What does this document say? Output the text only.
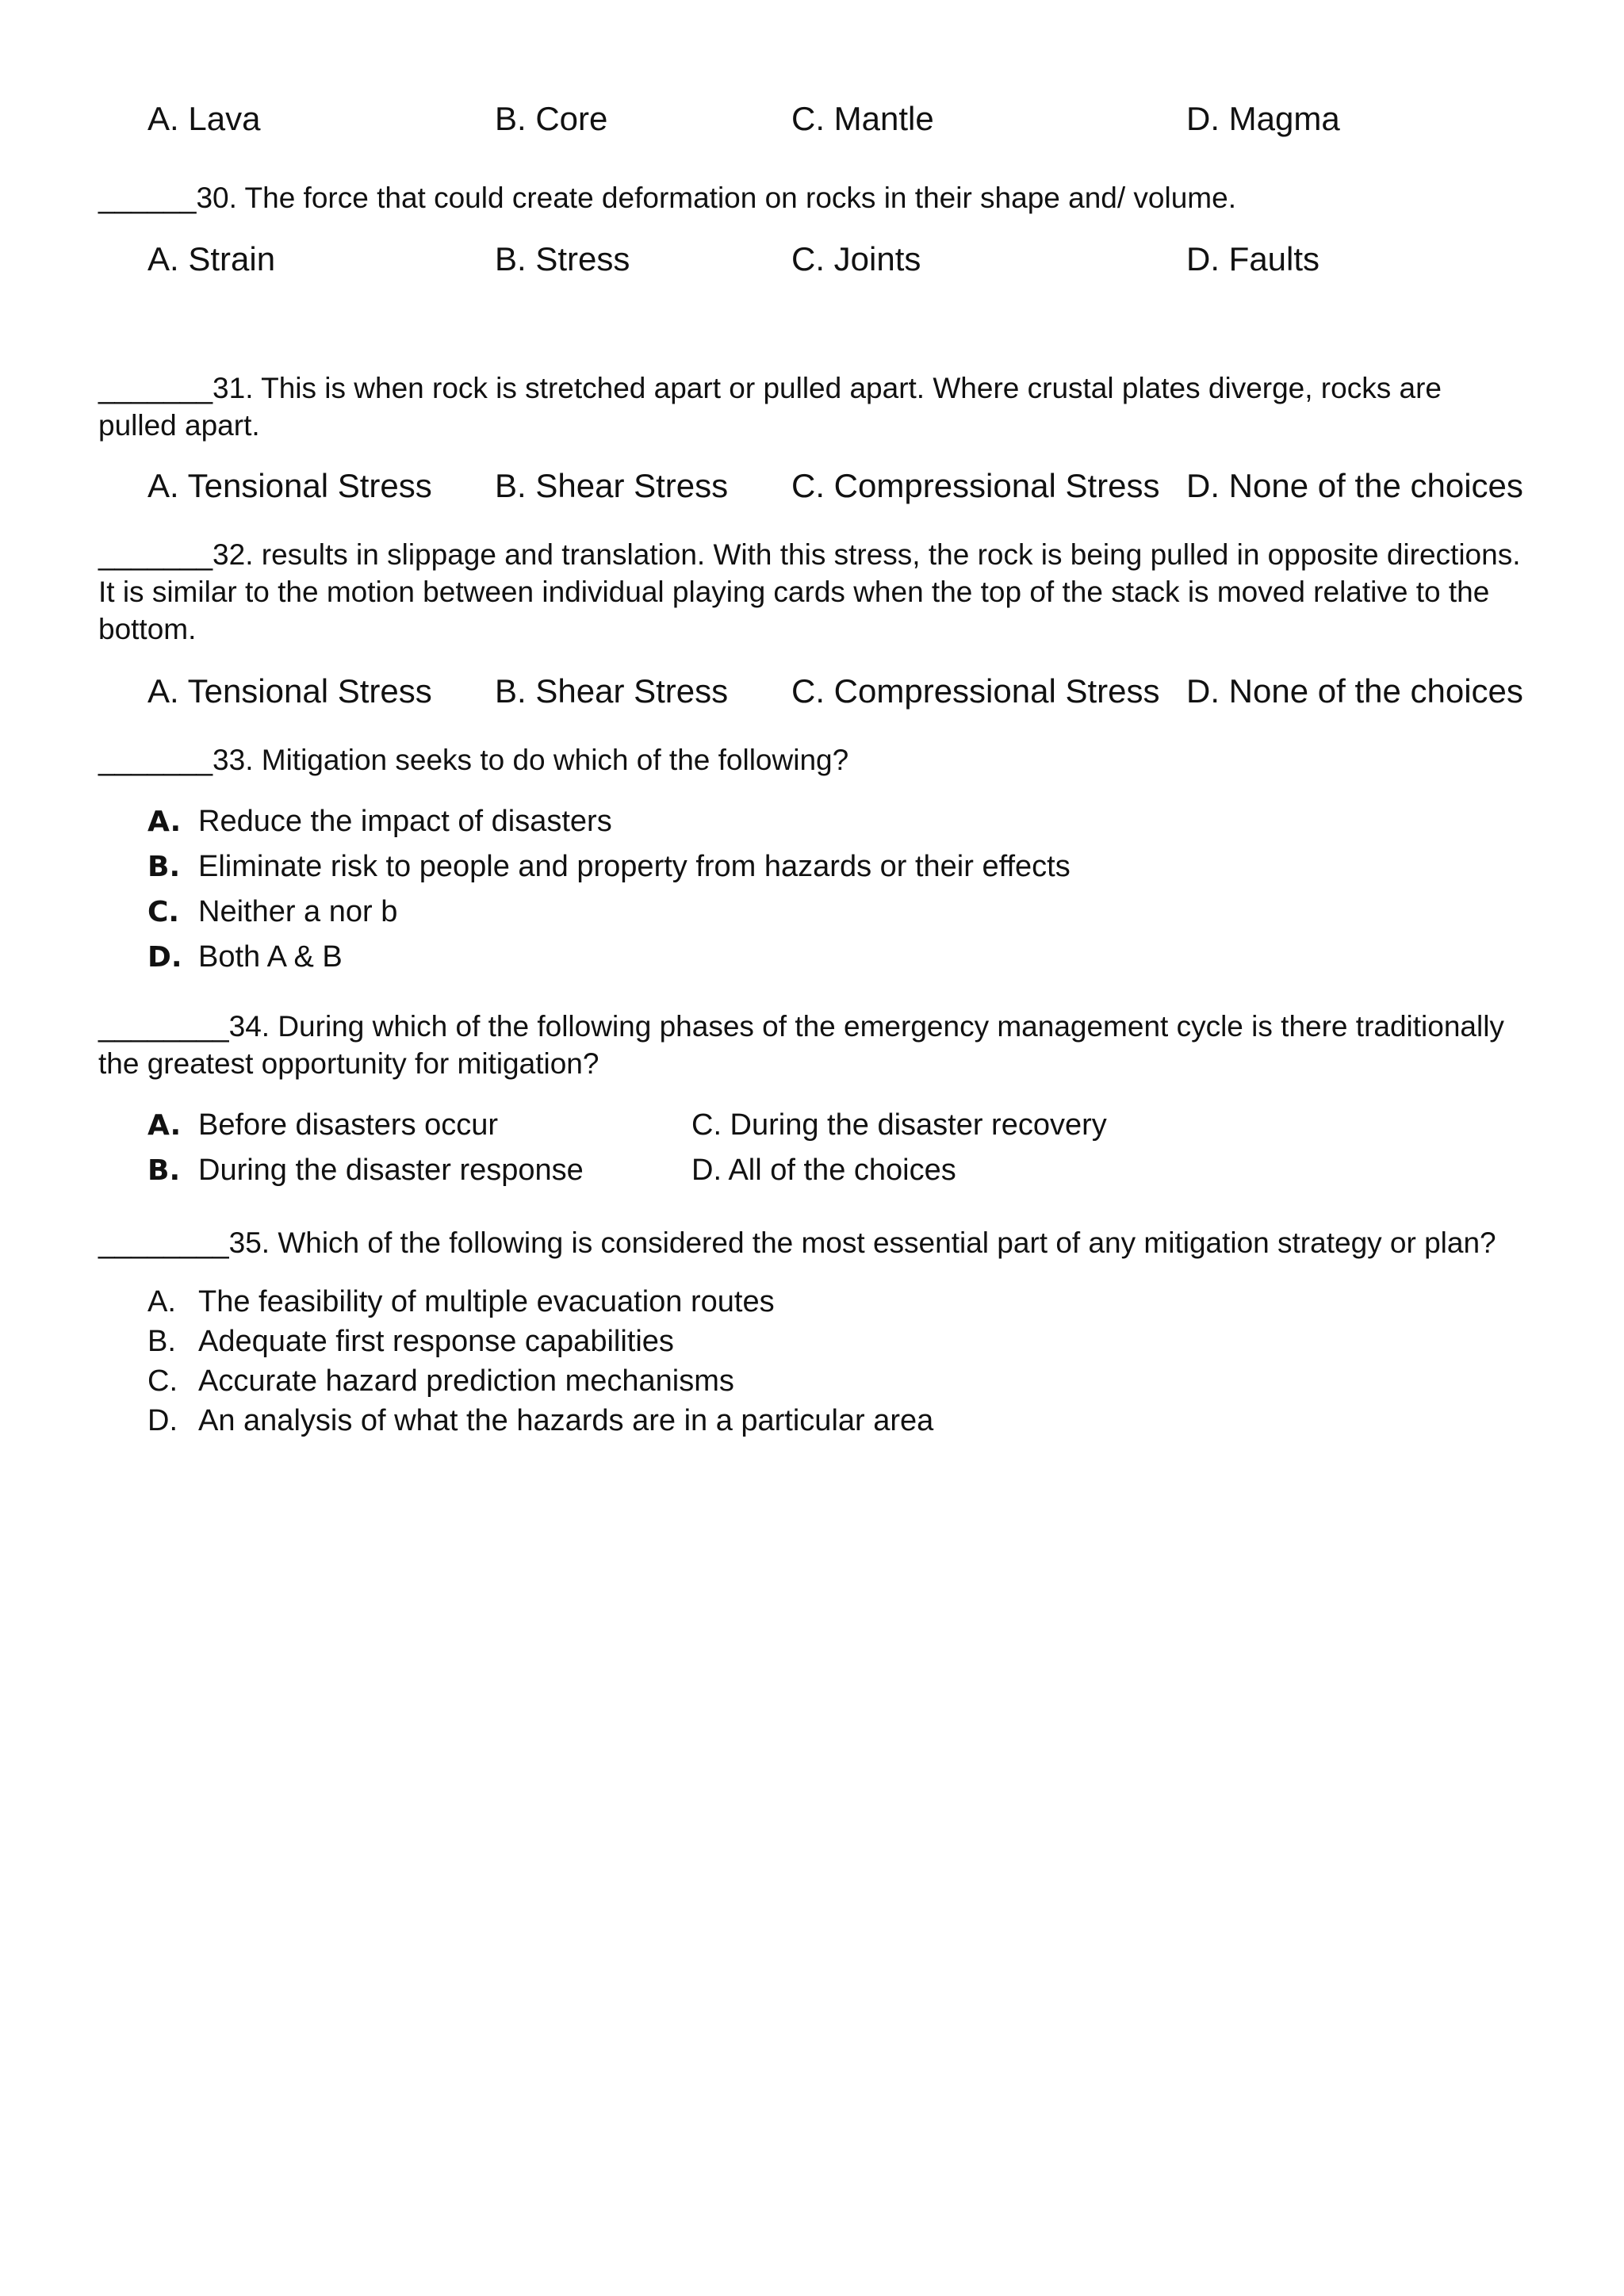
A. Lava	B. Core	C. Mantle	D. Magma

______30. The force that could create deformation on rocks in their shape and/ volume.

A. Strain	B. Stress	C. Joints	D. Faults

_______31. This is when rock is stretched apart or pulled apart. Where crustal plates diverge, rocks are pulled apart.

A. Tensional Stress B. Shear Stress C. Compressional Stress D. None of the choices

_______32. results in slippage and translation. With this stress, the rock is being pulled in opposite directions. It is similar to the motion between individual playing cards when the top of the stack is moved relative to the bottom.

A. Tensional Stress B. Shear Stress C. Compressional Stress D. None of the choices

_______33. Mitigation seeks to do which of the following?

A. Reduce the impact of disasters
B. Eliminate risk to people and property from hazards or their effects
C. Neither a nor b
D. Both A & B

________34. During which of the following phases of the emergency management cycle is there traditionally the greatest opportunity for mitigation?

A. Before disasters occur	C. During the disaster recovery
B. During the disaster response	D. All of the choices

________35. Which of the following is considered the most essential part of any mitigation strategy or plan?

A. The feasibility of multiple evacuation routes
B. Adequate first response capabilities
C. Accurate hazard prediction mechanisms
D. An analysis of what the hazards are in a particular area
